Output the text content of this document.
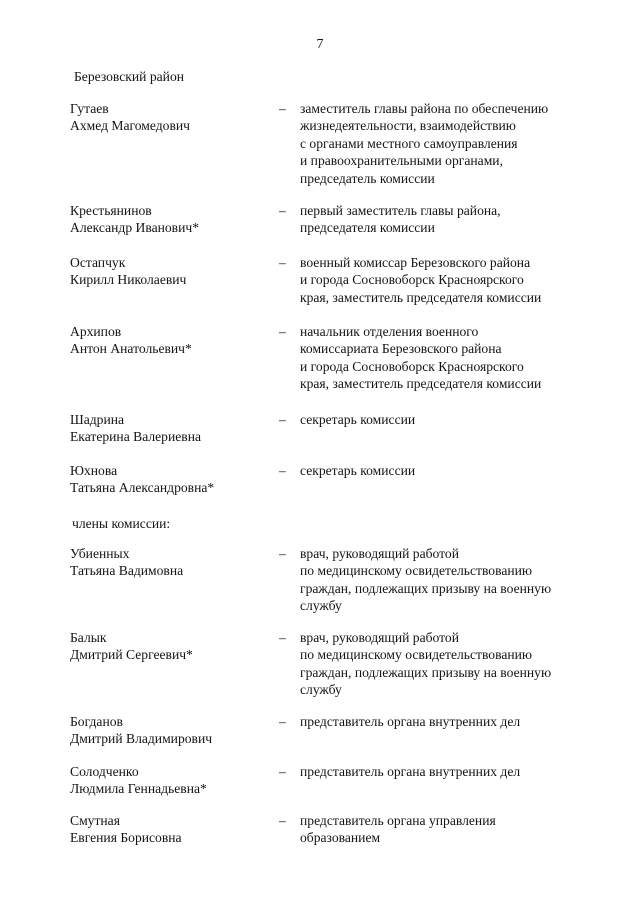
7
Березовский район
Гутаев
Ахмед Магомедович
– заместитель главы района по обеспечению
жизнедеятельности, взаимодействию
с органами местного самоуправления
и правоохранительными органами,
председатель комиссии
Крестьянинов
Александр Иванович*
– первый заместитель главы района,
председателя комиссии
Остапчук
Кирилл Николаевич
– военный комиссар Березовского района
и города Сосновоборск Красноярского
края, заместитель председателя комиссии
Архипов
Антон Анатольевич*
– начальник отделения военного
комиссариата Березовского района
и города Сосновоборск Красноярского
края, заместитель председателя комиссии
Шадрина
Екатерина Валериевна
– секретарь комиссии
Юхнова
Татьяна Александровна*
– секретарь комиссии
члены комиссии:
Убиенных
Татьяна Вадимовна
– врач, руководящий работой
по медицинскому освидетельствованию
граждан, подлежащих призыву на военную
службу
Балык
Дмитрий Сергеевич*
– врач, руководящий работой
по медицинскому освидетельствованию
граждан, подлежащих призыву на военную
службу
Богданов
Дмитрий Владимирович
– представитель органа внутренних дел
Солодченко
Людмила Геннадьевна*
– представитель органа внутренних дел
Смутная
Евгения Борисовна
– представитель органа управления
образованием
